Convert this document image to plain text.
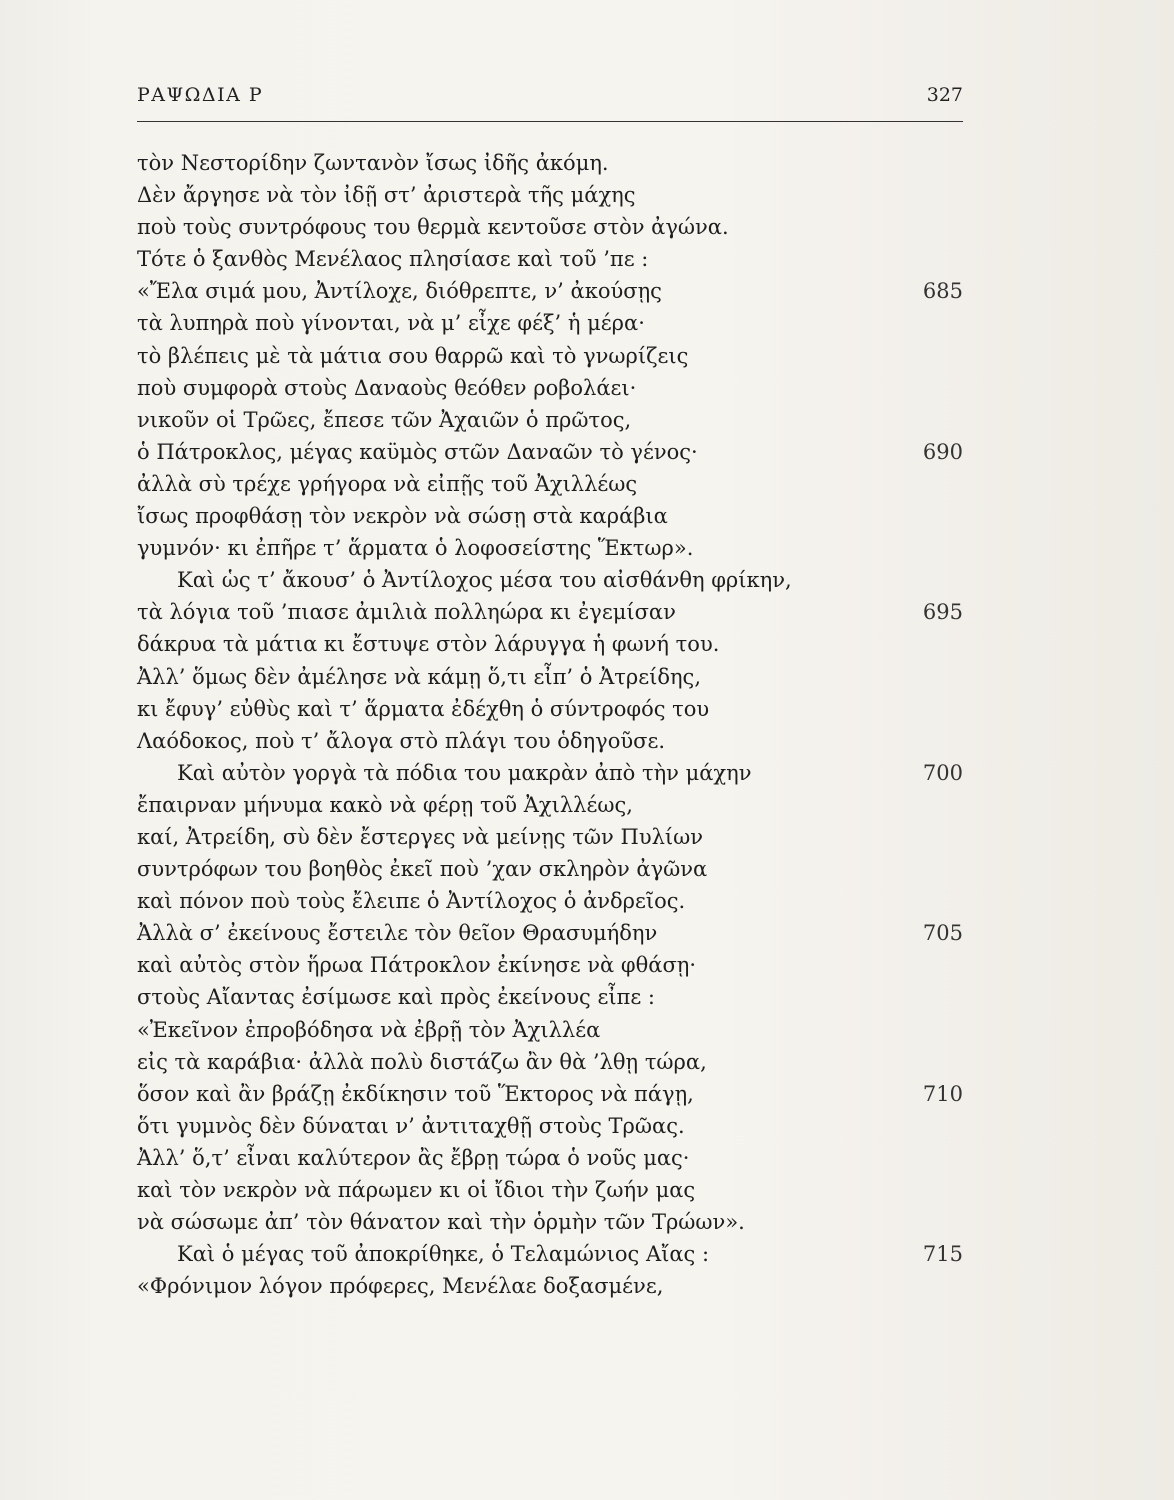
ΡΑΨΩΔΙΑ Ρ	327
τὸν Νεστορίδην ζωντανὸν ἴσως ἰδῆς ἀκόμη.
Δὲν ἄργησε νὰ τὸν ἰδῇ στ’ ἀριστερὰ τῆς μάχης
ποὺ τοὺς συντρόφους του θερμὰ κεντοῦσε στὸν ἀγώνα.
Τότε ὁ ξανθὸς Μενέλαος πλησίασε καὶ τοῦ ’πε :
«Ἔλα σιμά μου, Ἀντίλοχε, διόθρεπτε, ν’ ἀκούσῃς	685
τὰ λυπηρὰ ποὺ γίνονται, νὰ μ’ εἶχε φέξ’ ἡ μέρα·
τὸ βλέπεις μὲ τὰ μάτια σου θαρρῶ καὶ τὸ γνωρίζεις
ποὺ συμφορὰ στοὺς Δαναοὺς θεόθεν ροβολάει·
νικοῦν οἱ Τρῶες, ἔπεσε τῶν Ἀχαιῶν ὁ πρῶτος,
ὁ Πάτροκλος, μέγας καϋμὸς στῶν Δαναῶν τὸ γένος·	690
ἀλλὰ σὺ τρέχε γρήγορα νὰ εἰπῇς τοῦ Ἀχιλλέως
ἴσως προφθάσῃ τὸν νεκρὸν νὰ σώσῃ στὰ καράβια
γυμνόν· κι ἐπῆρε τ’ ἅρματα ὁ λοφοσείστης Ἕκτωρ».
Καὶ ὡς τ’ ἄκουσ’ ὁ Ἀντίλοχος μέσα του αἰσθάνθη φρίκην,
τὰ λόγια τοῦ ’πιασε ἀμιλιὰ πολληώρα κι ἐγεμίσαν	695
δάκρυα τὰ μάτια κι ἔστυψε στὸν λάρυγγα ἡ φωνή του.
Ἀλλ’ ὅμως δὲν ἀμέλησε νὰ κάμῃ ὅ,τι εἶπ’ ὁ Ἀτρείδης,
κι ἔφυγ’ εὐθὺς καὶ τ’ ἅρματα ἐδέχθη ὁ σύντροφός του
Λαόδοκος, ποὺ τ’ ἄλογα στὸ πλάγι του ὁδηγοῦσε.
Καὶ αὐτὸν γοργὰ τὰ πόδια του μακρὰν ἀπὸ τὴν μάχην	700
ἔπαιρναν μήνυμα κακὸ νὰ φέρῃ τοῦ Ἀχιλλέως,
καί, Ἀτρείδη, σὺ δὲν ἔστεργες νὰ μείνῃς τῶν Πυλίων
συντρόφων του βοηθὸς ἐκεῖ ποὺ ’χαν σκληρὸν ἀγῶνα
καὶ πόνον ποὺ τοὺς ἔλειπε ὁ Ἀντίλοχος ὁ ἀνδρεῖος.
Ἀλλὰ σ’ ἐκείνους ἔστειλε τὸν θεῖον Θρασυμήδην	705
καὶ αὐτὸς στὸν ἥρωα Πάτροκλον ἐκίνησε νὰ φθάσῃ·
στοὺς Αἴαντας ἐσίμωσε καὶ πρὸς ἐκείνους εἶπε :
«Ἐκεῖνον ἐπροβόδησα νὰ ἐβρῇ τὸν Ἀχιλλέα
εἰς τὰ καράβια· ἀλλὰ πολὺ διστάζω ἂν θὰ ’λθῃ τώρα,
ὅσον καὶ ἂν βράζῃ ἐκδίκησιν τοῦ Ἕκτορος νὰ πάγῃ,	710
ὅτι γυμνὸς δὲν δύναται ν’ ἀντιταχθῇ στοὺς Τρῶας.
Ἀλλ’ ὅ,τ’ εἶναι καλύτερον ἂς ἔβρῃ τώρα ὁ νοῦς μας·
καὶ τὸν νεκρὸν νὰ πάρωμεν κι οἱ ἴδιοι τὴν ζωήν μας
νὰ σώσωμε ἀπ’ τὸν θάνατον καὶ τὴν ὁρμὴν τῶν Τρώων».
Καὶ ὁ μέγας τοῦ ἀποκρίθηκε, ὁ Τελαμώνιος Αἴας :	715
«Φρόνιμον λόγον πρόφερες, Μενέλαε δοξασμένε,
